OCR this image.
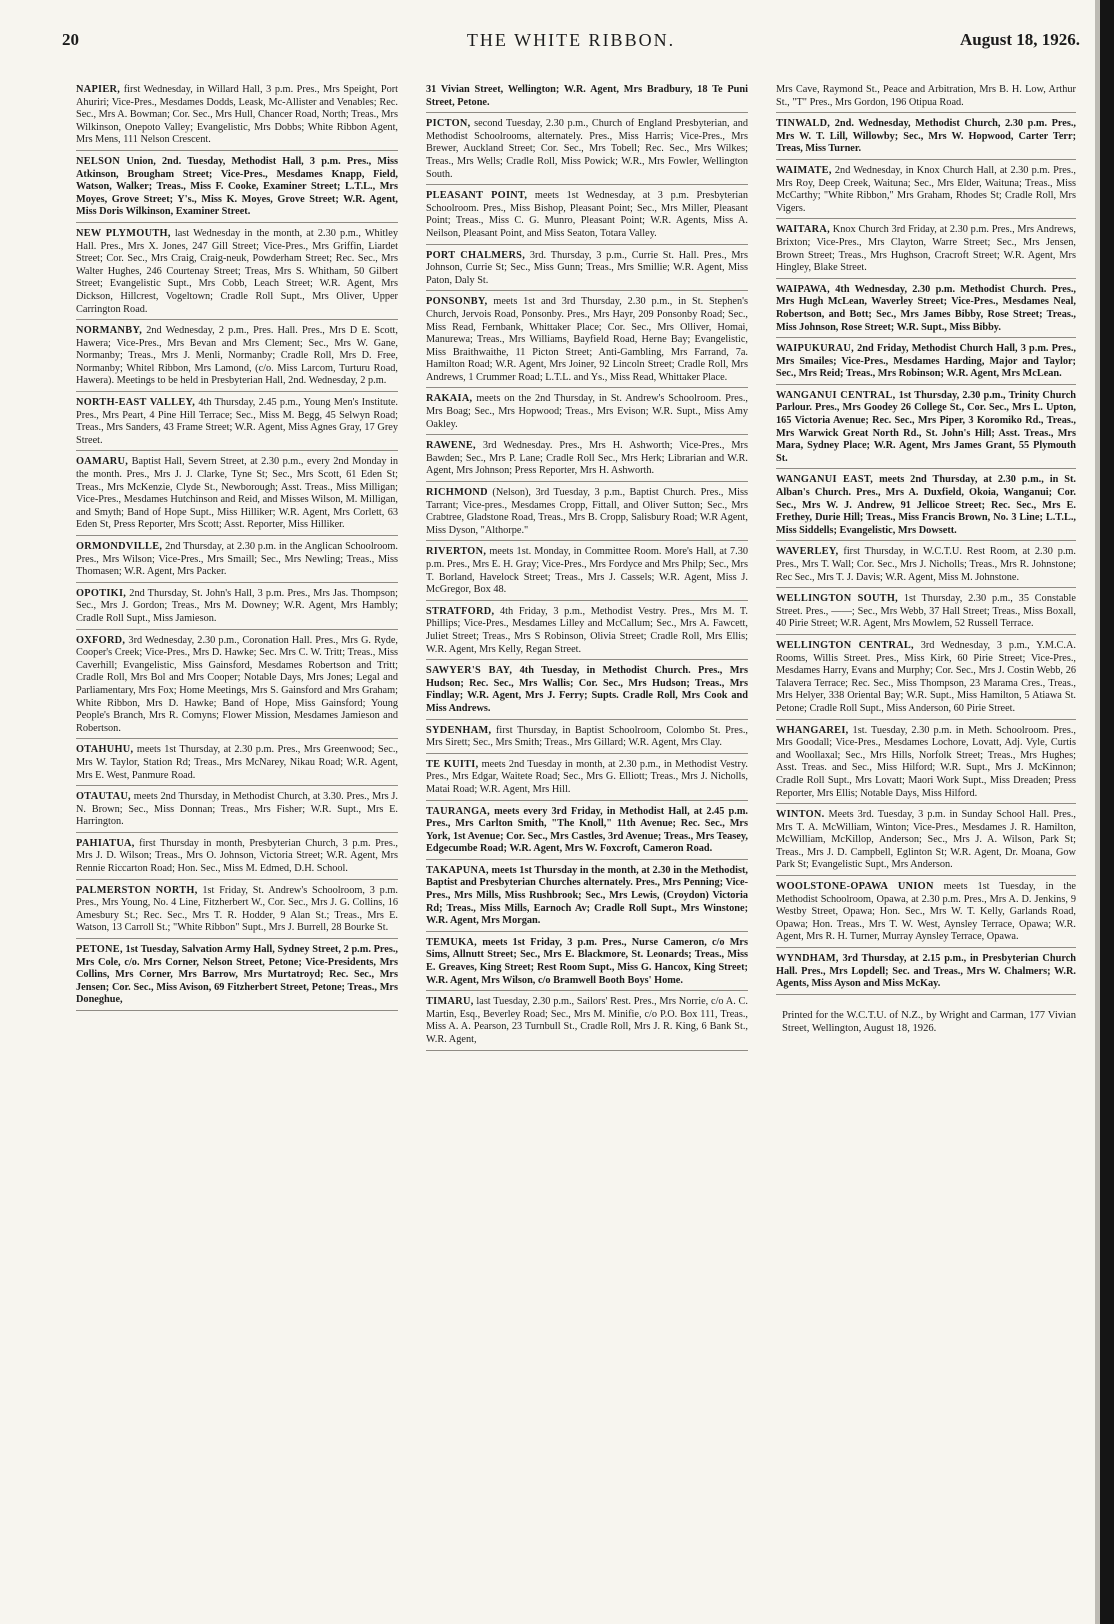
20	THE WHITE RIBBON.	August 18, 1926.
NAPIER, first Wednesday, in Willard Hall, 3 p.m. Pres., Mrs Speight, Port Ahuriri; Vice-Pres., Mesdames Dodds, Leask, Mc-Allister and Venables; Rec. Sec., Mrs A. Bowman; Cor. Sec., Mrs Hull, Chancer Road, North; Treas., Mrs Wilkinson, Onepoto Valley; Evangelistic, Mrs Dobbs; White Ribbon Agent, Mrs Mens, 111 Nelson Crescent.
NELSON Union, 2nd. Tuesday, Methodist Hall, 3 p.m. Pres., Miss Atkinson, Brougham Street; Vice-Pres., Mesdames Knapp, Field, Watson, Walker; Treas., Miss F. Cooke, Examiner Street; L.T.L., Mrs Moyes, Grove Street; Y's., Miss K. Moyes, Grove Street; W.R. Agent, Miss Doris Wilkinson, Examiner Street.
NEW PLYMOUTH, last Wednesday in the month, at 2.30 p.m., Whitley Hall. Pres., Mrs X. Jones, 247 Gill Street; Vice-Pres., Mrs Griffin, Liardet Street; Cor. Sec., Mrs Craig, Craig-neuk, Powderham Street; Rec. Sec., Mrs Walter Hughes, 246 Courtenay Street; Treas, Mrs S. Whitham, 50 Gilbert Street; Evangelistic Supt., Mrs Cobb, Leach Street; W.R. Agent, Mrs Dickson, Hillcrest, Vogeltown; Cradle Roll Supt., Mrs Oliver, Upper Carrington Road.
NORMANBY, 2nd Wednesday, 2 p.m., Pres. Hall. Pres., Mrs D E. Scott, Hawera; Vice-Pres., Mrs Bevan and Mrs Clement; Sec., Mrs W. Gane, Normanby; Treas., Mrs J. Menli, Normanby; Cradle Roll, Mrs D. Free, Normanby; Whitel Ribbon, Mrs Lamond, (c/o. Miss Larcom, Turturu Road, Hawera). Meetings to be held in Presbyterian Hall, 2nd. Wednesday, 2 p.m.
NORTH-EAST VALLEY, 4th Thursday, 2.45 p.m., Young Men's Institute. Pres., Mrs Peart, 4 Pine Hill Terrace; Sec., Miss M. Begg, 45 Selwyn Road; Treas., Mrs Sanders, 43 Frame Street; W.R. Agent, Miss Agnes Gray, 17 Grey Street.
OAMARU, Baptist Hall, Severn Street, at 2.30 p.m., every 2nd Monday in the month. Pres., Mrs J. J. Clarke, Tyne St; Sec., Mrs Scott, 61 Eden St; Treas., Mrs McKenzie, Clyde St., Newborough; Asst. Treas., Miss Milligan; Vice-Pres., Mesdames Hutchinson and Reid, and Misses Wilson, M. Milligan, and Smyth; Band of Hope Supt., Miss Hilliker; W.R. Agent, Mrs Corlett, 63 Eden St, Press Reporter, Mrs Scott; Asst. Reporter, Miss Hilliker.
ORMONDVILLE, 2nd Thursday, at 2.30 p.m. in the Anglican Schoolroom. Pres., Mrs Wilson; Vice-Pres., Mrs Smaill; Sec., Mrs Newling; Treas., Miss Thomasen; W.R. Agent, Mrs Packer.
OPOTIKI, 2nd Thursday, St. John's Hall, 3 p.m. Pres., Mrs Jas. Thompson; Sec., Mrs J. Gordon; Treas., Mrs M. Downey; W.R. Agent, Mrs Hambly; Cradle Roll Supt., Miss Jamieson.
OXFORD, 3rd Wednesday, 2.30 p.m., Coronation Hall. Pres., Mrs G. Ryde, Cooper's Creek; Vice-Pres., Mrs D. Hawke; Sec. Mrs C. W. Tritt; Treas., Miss Caverhill; Evangelistic, Miss Gainsford, Mesdames Robertson and Tritt; Cradle Roll, Mrs Bol and Mrs Cooper; Notable Days, Mrs Jones; Legal and Parliamentary, Mrs Fox; Home Meetings, Mrs S. Gainsford and Mrs Graham; White Ribbon, Mrs D. Hawke; Band of Hope, Miss Gainsford; Young People's Branch, Mrs R. Comyns; Flower Mission, Mesdames Jamieson and Robertson.
OTAHUHU, meets 1st Thursday, at 2.30 p.m. Pres., Mrs Greenwood; Sec., Mrs W. Taylor, Station Rd; Treas., Mrs McNarey, Nikau Road; W.R. Agent, Mrs E. West, Panmure Road.
OTAUTAU, meets 2nd Thursday, in Methodist Church, at 3.30. Pres., Mrs J. N. Brown; Sec., Miss Donnan; Treas., Mrs Fisher; W.R. Supt., Mrs E. Harrington.
PAHIATUA, first Thursday in month, Presbyterian Church, 3 p.m. Pres., Mrs J. D. Wilson; Treas., Mrs O. Johnson, Victoria Street; W.R. Agent, Mrs Rennie Riccarton Road; Hon. Sec., Miss M. Edmed, D.H. School.
PALMERSTON NORTH, 1st Friday, St. Andrew's Schoolroom, 3 p.m. Pres., Mrs Young, No. 4 Line, Fitzherbert W., Cor. Sec., Mrs J. G. Collins, 16 Amesbury St.; Rec. Sec., Mrs T. R. Hodder, 9 Alan St.; Treas., Mrs E. Watson, 13 Carroll St.; "White Ribbon" Supt., Mrs J. Burrell, 28 Bourke St.
PETONE, 1st Tuesday, Salvation Army Hall, Sydney Street, 2 p.m. Pres., Mrs Cole, c/o. Mrs Corner, Nelson Street, Petone; Vice-Presidents, Mrs Collins, Mrs Corner, Mrs Barrow, Mrs Murtatroyd; Rec. Sec., Mrs Jensen; Cor. Sec., Miss Avison, 69 Fitzherbert Street, Petone; Treas., Mrs Doneghue,
31 Vivian Street, Wellington; W.R. Agent, Mrs Bradbury, 18 Te Puni Street, Petone.
PICTON, second Tuesday, 2.30 p.m., Church of England Presbyterian, and Methodist Schoolrooms, alternately. Pres., Miss Harris; Vice-Pres., Mrs Brewer, Auckland Street; Cor. Sec., Mrs Tobell; Rec. Sec., Mrs Wilkes; Treas., Mrs Wells; Cradle Roll, Miss Powick; W.R., Mrs Fowler, Wellington South.
PLEASANT POINT, meets 1st Wednesday, at 3 p.m. Presbyterian Schoolroom. Pres., Miss Bishop, Pleasant Point; Sec., Mrs Miller, Pleasant Point; Treas., Miss C. G. Munro, Pleasant Point; W.R. Agents, Miss A. Neilson, Pleasant Point, and Miss Seaton, Totara Valley.
PORT CHALMERS, 3rd. Thursday, 3 p.m., Currie St. Hall. Pres., Mrs Johnson, Currie St; Sec., Miss Gunn; Treas., Mrs Smillie; W.R. Agent, Miss Paton, Daly St.
PONSONBY, meets 1st and 3rd Thursday, 2.30 p.m., in St. Stephen's Church, Jervois Road, Ponsonby. Pres., Mrs Hayr, 209 Ponsonby Road; Sec., Miss Read, Fernbank, Whittaker Place; Cor. Sec., Mrs Olliver, Homai, Manurewa; Treas., Mrs Williams, Bayfield Road, Herne Bay; Evangelistic, Miss Braithwaithe, 11 Picton Street; Anti-Gambling, Mrs Farrand, 7a. Hamilton Road; W.R. Agent, Mrs Joiner, 92 Lincoln Street; Cradle Roll, Mrs Andrews, 1 Crummer Road; L.T.L. and Ys., Miss Read, Whittaker Place.
RAKAIA, meets on the 2nd Thursday, in St. Andrew's Schoolroom. Pres., Mrs Boag; Sec., Mrs Hopwood; Treas., Mrs Evison; W.R. Supt., Miss Amy Oakley.
RAWENE, 3rd Wednesday. Pres., Mrs H. Ashworth; Vice-Pres., Mrs Bawden; Sec., Mrs P. Lane; Cradle Roll Sec., Mrs Herk; Librarian and W.R. Agent, Mrs Johnson; Press Reporter, Mrs H. Ashworth.
RICHMOND (Nelson), 3rd Tuesday, 3 p.m., Baptist Church. Pres., Miss Tarrant; Vice-pres., Mesdames Cropp, Fittall, and Oliver Sutton; Sec., Mrs Crabtree, Gladstone Road, Treas., Mrs B. Cropp, Salisbury Road; W.R Agent, Miss Dyson, "Althorpe."
RIVERTON, meets 1st. Monday, in Committee Room. More's Hall, at 7.30 p.m. Pres., Mrs E. H. Gray; Vice-Pres., Mrs Fordyce and Mrs Philp; Sec., Mrs T. Borland, Havelock Street; Treas., Mrs J. Cassels; W.R. Agent, Miss J. McGregor, Box 48.
STRATFORD, 4th Friday, 3 p.m., Methodist Vestry. Pres., Mrs M. T. Phillips; Vice-Pres., Mesdames Lilley and McCallum; Sec., Mrs A. Fawcett, Juliet Street; Treas., Mrs S Robinson, Olivia Street; Cradle Roll, Mrs Ellis; W.R. Agent, Mrs Kelly, Regan Street.
SAWYER'S BAY, 4th Tuesday, in Methodist Church. Pres., Mrs Hudson; Rec. Sec., Mrs Wallis; Cor. Sec., Mrs Hudson; Treas., Mrs Findlay; W.R. Agent, Mrs J. Ferry; Supts. Cradle Roll, Mrs Cook and Miss Andrews.
SYDENHAM, first Thursday, in Baptist Schoolroom, Colombo St. Pres., Mrs Sirett; Sec., Mrs Smith; Treas., Mrs Gillard; W.R. Agent, Mrs Clay.
TE KUITI, meets 2nd Tuesday in month, at 2.30 p.m., in Methodist Vestry. Pres., Mrs Edgar, Waitete Road; Sec., Mrs G. Elliott; Treas., Mrs J. Nicholls, Matai Road; W.R. Agent, Mrs Hill.
TAURANGA, meets every 3rd Friday, in Methodist Hall, at 2.45 p.m. Pres., Mrs Carlton Smith, "The Knoll," 11th Avenue; Rec. Sec., Mrs York, 1st Avenue; Cor. Sec., Mrs Castles, 3rd Avenue; Treas., Mrs Teasey, Edgecumbe Road; W.R. Agent, Mrs W. Foxcroft, Cameron Road.
TAKAPUNA, meets 1st Thursday in the month, at 2.30 in the Methodist, Baptist and Presbyterian Churches alternately. Pres., Mrs Penning; Vice-Pres., Mrs Mills, Miss Rushbrook; Sec., Mrs Lewis, (Croydon) Victoria Rd; Treas., Miss Mills, Earnoch Av; Cradle Roll Supt., Mrs Winstone; W.R. Agent, Mrs Morgan.
TEMUKA, meets 1st Friday, 3 p.m. Pres., Nurse Cameron, c/o Mrs Sims, Allnutt Street; Sec., Mrs E. Blackmore, St. Leonards; Treas., Miss E. Greaves, King Street; Rest Room Supt., Miss G. Hancox, King Street; W.R. Agent, Mrs Wilson, c/o Bramwell Booth Boys' Home.
TIMARU, last Tuesday, 2.30 p.m., Sailors' Rest. Pres., Mrs Norrie, c/o A. C. Martin, Esq., Beverley Road; Sec., Mrs M. Minifie, c/o P.O. Box 111, Treas., Miss A. A. Pearson, 23 Turnbull St., Cradle Roll, Mrs J. R. King, 6 Bank St., W.R. Agent,
Mrs Cave, Raymond St., Peace and Arbitration, Mrs B. H. Low, Arthur St., "T" Pres., Mrs Gordon, 196 Otipua Road.
TINWALD, 2nd. Wednesday, Methodist Church, 2.30 p.m. Pres., Mrs W. T. Lill, Willowby; Sec., Mrs W. Hopwood, Carter Terr; Treas, Miss Turner.
WAIMATE, 2nd Wednesday, in Knox Church Hall, at 2.30 p.m. Pres., Mrs Roy, Deep Creek, Waituna; Sec., Mrs Elder, Waituna; Treas., Miss McCarthy; "White Ribbon," Mrs Graham, Rhodes St; Cradle Roll, Mrs Vigers.
WAITARA, Knox Church 3rd Friday, at 2.30 p.m. Pres., Mrs Andrews, Brixton; Vice-Pres., Mrs Clayton, Warre Street; Sec., Mrs Jensen, Brown Street; Treas., Mrs Hughson, Cracroft Street; W.R. Agent, Mrs Hingley, Blake Street.
WAIPAWA, 4th Wednesday, 2.30 p.m. Methodist Church. Pres., Mrs Hugh McLean, Waverley Street; Vice-Pres., Mesdames Neal, Robertson, and Bott; Sec., Mrs James Bibby, Rose Street; Treas., Miss Johnson, Rose Street; W.R. Supt., Miss Bibby.
WAIPUKURAU, 2nd Friday, Methodist Church Hall, 3 p.m. Pres., Mrs Smailes; Vice-Pres., Mesdames Harding, Major and Taylor; Sec., Mrs Reid; Treas., Mrs Robinson; W.R. Agent, Mrs McLean.
WANGANUI CENTRAL, 1st Thursday, 2.30 p.m., Trinity Church Parlour. Pres., Mrs Goodey 26 College St., Cor. Sec., Mrs L. Upton, 165 Victoria Avenue; Rec. Sec., Mrs Piper, 3 Koromiko Rd., Treas., Mrs Warwick Great North Rd., St. John's Hill; Asst. Treas., Mrs Mara, Sydney Place; W.R. Agent, Mrs James Grant, 55 Plymouth St.
WANGANUI EAST, meets 2nd Thursday, at 2.30 p.m., in St. Alban's Church. Pres., Mrs A. Duxfield, Okoia, Wanganui; Cor. Sec., Mrs W. J. Andrew, 91 Jellicoe Street; Rec. Sec., Mrs E. Frethey, Durie Hill; Treas., Miss Francis Brown, No. 3 Line; L.T.L., Miss Siddells; Evangelistic, Mrs Dowsett.
WAVERLEY, first Thursday, in W.C.T.U. Rest Room, at 2.30 p.m. Pres., Mrs T. Wall; Cor. Sec., Mrs J. Nicholls; Treas., Mrs R. Johnstone; Rec Sec., Mrs T. J. Davis; W.R. Agent, Miss M. Johnstone.
WELLINGTON SOUTH, 1st Thursday, 2.30 p.m., 35 Constable Street. Pres., ——; Sec., Mrs Webb, 37 Hall Street; Treas., Miss Boxall, 40 Pirie Street; W.R. Agent, Mrs Mowlem, 52 Russell Terrace.
WELLINGTON CENTRAL, 3rd Wednesday, 3 p.m., Y.M.C.A. Rooms, Willis Street. Pres., Miss Kirk, 60 Pirie Street; Vice-Pres., Mesdames Harry, Evans and Murphy; Cor. Sec., Mrs J. Costin Webb, 26 Talavera Terrace; Rec. Sec., Miss Thompson, 23 Marama Cres., Treas., Mrs Helyer, 338 Oriental Bay; W.R. Supt., Miss Hamilton, 5 Atiawa St. Petone; Cradle Roll Supt., Miss Anderson, 60 Pirie Street.
WHANGAREI, 1st. Tuesday, 2.30 p.m. in Meth. Schoolroom. Pres., Mrs Goodall; Vice-Pres., Mesdames Lochore, Lovatt, Adj. Vyle, Curtis and Woollaxal; Sec., Mrs Hills, Norfolk Street; Treas., Mrs Hughes; Asst. Treas. and Sec., Miss Hilford; W.R. Supt., Mrs J. McKinnon; Cradle Roll Supt., Mrs Lovatt; Maori Work Supt., Miss Dreaden; Press Reporter, Mrs Ellis; Notable Days, Miss Hilford.
WINTON. Meets 3rd. Tuesday, 3 p.m. in Sunday School Hall. Pres., Mrs T. A. McWilliam, Winton; Vice-Pres., Mesdames J. R. Hamilton, McWilliam, McKillop, Anderson; Sec., Mrs J. A. Wilson, Park St; Treas., Mrs J. D. Campbell, Eglinton St; W.R. Agent, Dr. Moana, Gow Park St; Evangelistic Supt., Mrs Anderson.
WOOLSTONE-OPAWA UNION meets 1st Tuesday, in the Methodist Schoolroom, Opawa, at 2.30 p.m. Pres., Mrs A. D. Jenkins, 9 Westby Street, Opawa; Hon. Sec., Mrs W. T. Kelly, Garlands Road, Opawa; Hon. Treas., Mrs T. W. West, Aynsley Terrace, Opawa; W.R. Agent, Mrs R. H. Turner, Murray Aynsley Terrace, Opawa.
WYNDHAM, 3rd Thursday, at 2.15 p.m., in Presbyterian Church Hall. Pres., Mrs Lopdell; Sec. and Treas., Mrs W. Chalmers; W.R. Agents, Miss Ayson and Miss McKay.
Printed for the W.C.T.U. of N.Z., by Wright and Carman, 177 Vivian Street, Wellington, August 18, 1926.
